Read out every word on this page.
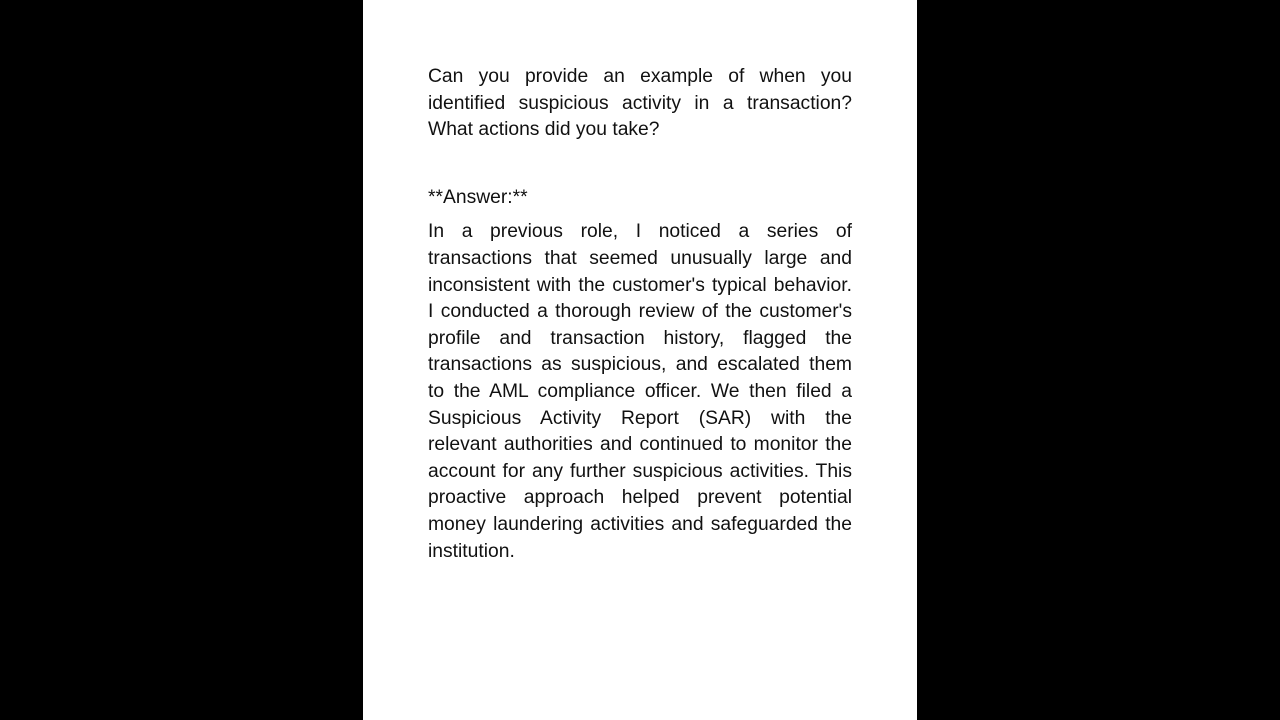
Can you provide an example of when you identified suspicious activity in a transaction? What actions did you take?

**Answer:**

In a previous role, I noticed a series of transactions that seemed unusually large and inconsistent with the customer's typical behavior. I conducted a thorough review of the customer's profile and transaction history, flagged the transactions as suspicious, and escalated them to the AML compliance officer. We then filed a Suspicious Activity Report (SAR) with the relevant authorities and continued to monitor the account for any further suspicious activities. This proactive approach helped prevent potential money laundering activities and safeguarded the institution.
